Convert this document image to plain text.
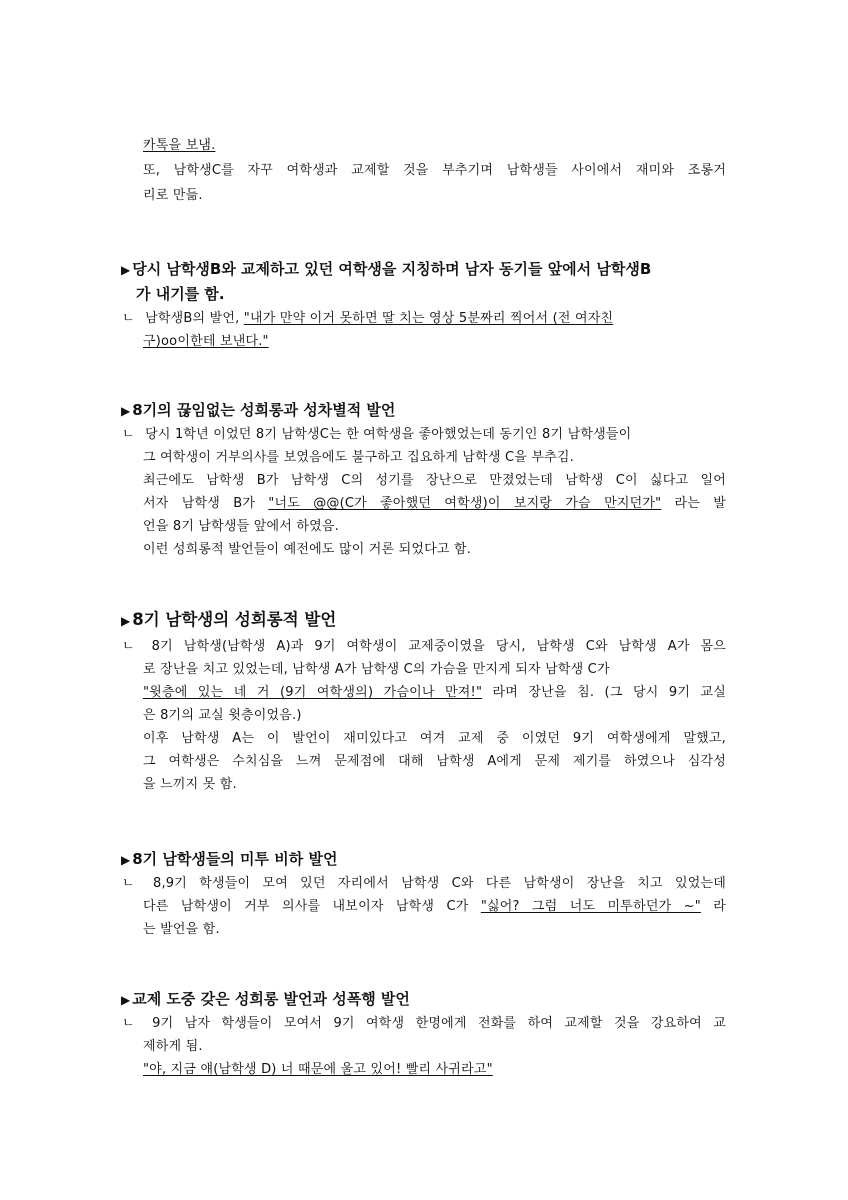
카톡을 보냄.
또, 남학생C를 자꾸 여학생과 교제할 것을 부추기며 남학생들 사이에서 재미와 조롱거
리로 만듦.
▶ 당시 남학생B와 교제하고 있던 여학생을 지칭하며 남자 동기들 앞에서 남학생B
가 내기를 함.
ㄴ 남학생B의 발언, "내가 만약 이거 못하면 딸 치는 영상 5분짜리 찍어서 (전 여자친
구)oo이한테 보낸다."
▶ 8기의 끊임없는 성희롱과 성차별적 발언
ㄴ 당시 1학년 이었던 8기 남학생C는 한 여학생을 좋아했었는데 동기인 8기 남학생들이
그 여학생이 거부의사를 보였음에도 불구하고 집요하게 남학생 C을 부추김.
최근에도 남학생 B가 남학생 C의 성기를 장난으로 만졌었는데 남학생 C이 싫다고 일어
서자 남학생 B가 "너도 @@(C가 좋아했던 여학생)이 보지랑 가슴 만지던가" 라는 발
언을 8기 남학생들 앞에서 하였음.
이런 성희롱적 발언들이 예전에도 많이 거론 되었다고 함.
▶ 8기 남학생의 성희롱적 발언
ㄴ 8기 남학생(남학생 A)과 9기 여학생이 교제중이였을 당시, 남학생 C와 남학생 A가 몸으
로 장난을 치고 있었는데, 남학생 A가 남학생 C의 가슴을 만지게 되자 남학생 C가
"윗층에 있는 네 거 (9기 여학생의) 가슴이나 만져!" 라며 장난을 침. (그 당시 9기 교실
은 8기의 교실 윗층이었음.)
이후 남학생 A는 이 발언이 재미있다고 여겨 교제 중 이였던 9기 여학생에게 말했고,
그 여학생은 수치심을 느껴 문제점에 대해 남학생 A에게 문제 제기를 하였으나 심각성
을 느끼지 못 함.
▶ 8기 남학생들의 미투 비하 발언
ㄴ 8,9기 학생들이 모여 있던 자리에서 남학생 C와 다른 남학생이 장난을 치고 있었는데
다른 남학생이 거부 의사를 내보이자 남학생 C가 "싫어? 그럼 너도 미투하던가 ~" 라
는 발언을 함.
▶ 교제 도중 갖은 성희롱 발언과 성폭행 발언
ㄴ 9기 남자 학생들이 모여서 9기 여학생 한명에게 전화를 하여 교제할 것을 강요하여 교
제하게 됨.
"야, 지금 얘(남학생 D) 너 때문에 울고 있어! 빨리 사귀라고"
